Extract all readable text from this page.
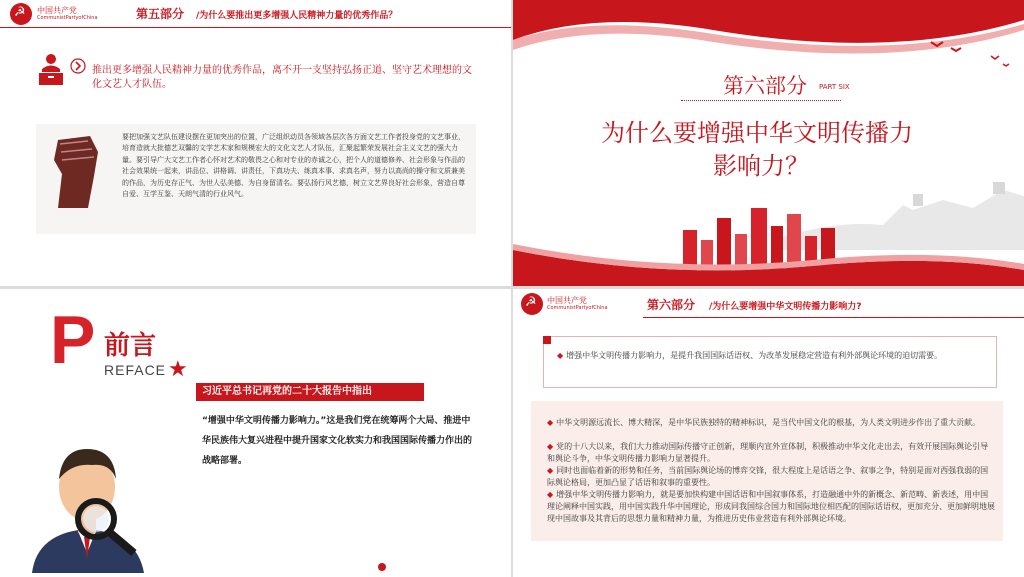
☭
中国共产党
CommunistPartyofChina	第五部分 /为什么要推出更多增强人民精神力量的优秀作品？
推出更多增强人民精神力量的优秀作品，离不开一支坚持弘扬正道、坚守艺术理想的文化文艺人才队伍。
要把加强文艺队伍建设摆在更加突出的位置，广泛组织动员各领域各层次各方面文艺工作者投身党的文艺事业，培育造就大批德艺双馨的文学艺术家和规模宏大的文化文艺人才队伍，汇聚起繁荣发展社会主义文艺的强大力量。要引导广大文艺工作者心怀对艺术的敬畏之心和对专业的赤诚之心，把个人的道德修养、社会形象与作品的社会效果统一起来，讲品位、讲格调、讲责任，下真功夫、练真本事、求真名声，努力以高尚的操守和文质兼美的作品，为历史存正气、为世人弘美德、为自身留清名。要弘扬行风艺德，树立文艺界良好社会形象，营造自尊自爱、互学互鉴、天朗气清的行业风气。
第六部分 PART SIX
为什么要增强中华文明传播力
影响力？
P 前言
REFACE ★
习近平总书记再党的二十大报告中指出
“增强中华文明传播力影响力。”这是我们党在统筹两个大局、推进中华民族伟大复兴进程中提升国家文化软实力和我国国际传播力作出的战略部署。
☭
中国共产党
CommunistPartyofChina	第六部分 /为什么要增强中华文明传播力影响力?
◆ 增强中华文明传播力影响力，是提升我国国际话语权、为改革发展稳定营造有利外部舆论环境的迫切需要。
◆ 中华文明源远流长、博大精深，是中华民族独特的精神标识，是当代中国文化的根基，为人类文明进步作出了重大贡献。
◆ 党的十八大以来，我们大力推动国际传播守正创新，理顺内宣外宣体制，积极推动中华文化走出去，有效开展国际舆论引导和舆论斗争，中华文明传播力影响力显著提升。
◆ 同时也面临着新的形势和任务，当前国际舆论场的博弈交锋，很大程度上是话语之争、叙事之争，特别是面对西强我弱的国际舆论格局，更加凸显了话语和叙事的重要性。
◆ 增强中华文明传播力影响力，就是要加快构建中国话语和中国叙事体系，打造融通中外的新概念、新范畴、新表述，用中国理论阐释中国实践，用中国实践升华中国理论，形成同我国综合国力和国际地位相匹配的国际话语权，更加充分、更加鲜明地展现中国故事及其背后的思想力量和精神力量，为推进历史伟业营造有利外部舆论环境。
